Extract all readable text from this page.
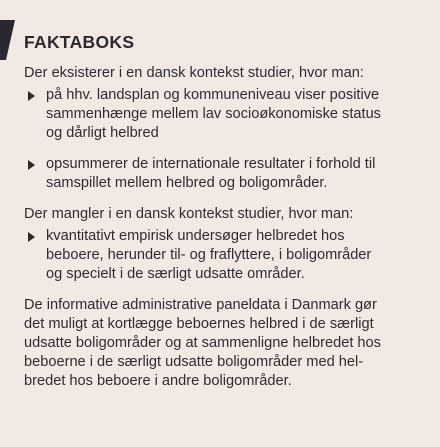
FAKTABOKS

Der eksisterer i en dansk kontekst studier, hvor man:

på hhv. landsplan og kommuneniveau viser positive
sammenhænge mellem lav socioøkonomiske status
og dårligt helbred
opsummerer de internationale resultater i forhold til
samspillet mellem helbred og boligområder.

Der mangler i en dansk kontekst studier, hvor man:

kvantitativt empirisk undersøger helbredet hos
beboere, herunder til- og fraflyttere, i boligområder
og specielt i de særligt udsatte områder.

De informative administrative paneldata i Danmark gør
det muligt at kortlægge beboernes helbred i de særligt
udsatte boligområder og at sammenligne helbredet hos
beboerne i de særligt udsatte boligområder med hel-
bredet hos beboere i andre boligområder.
